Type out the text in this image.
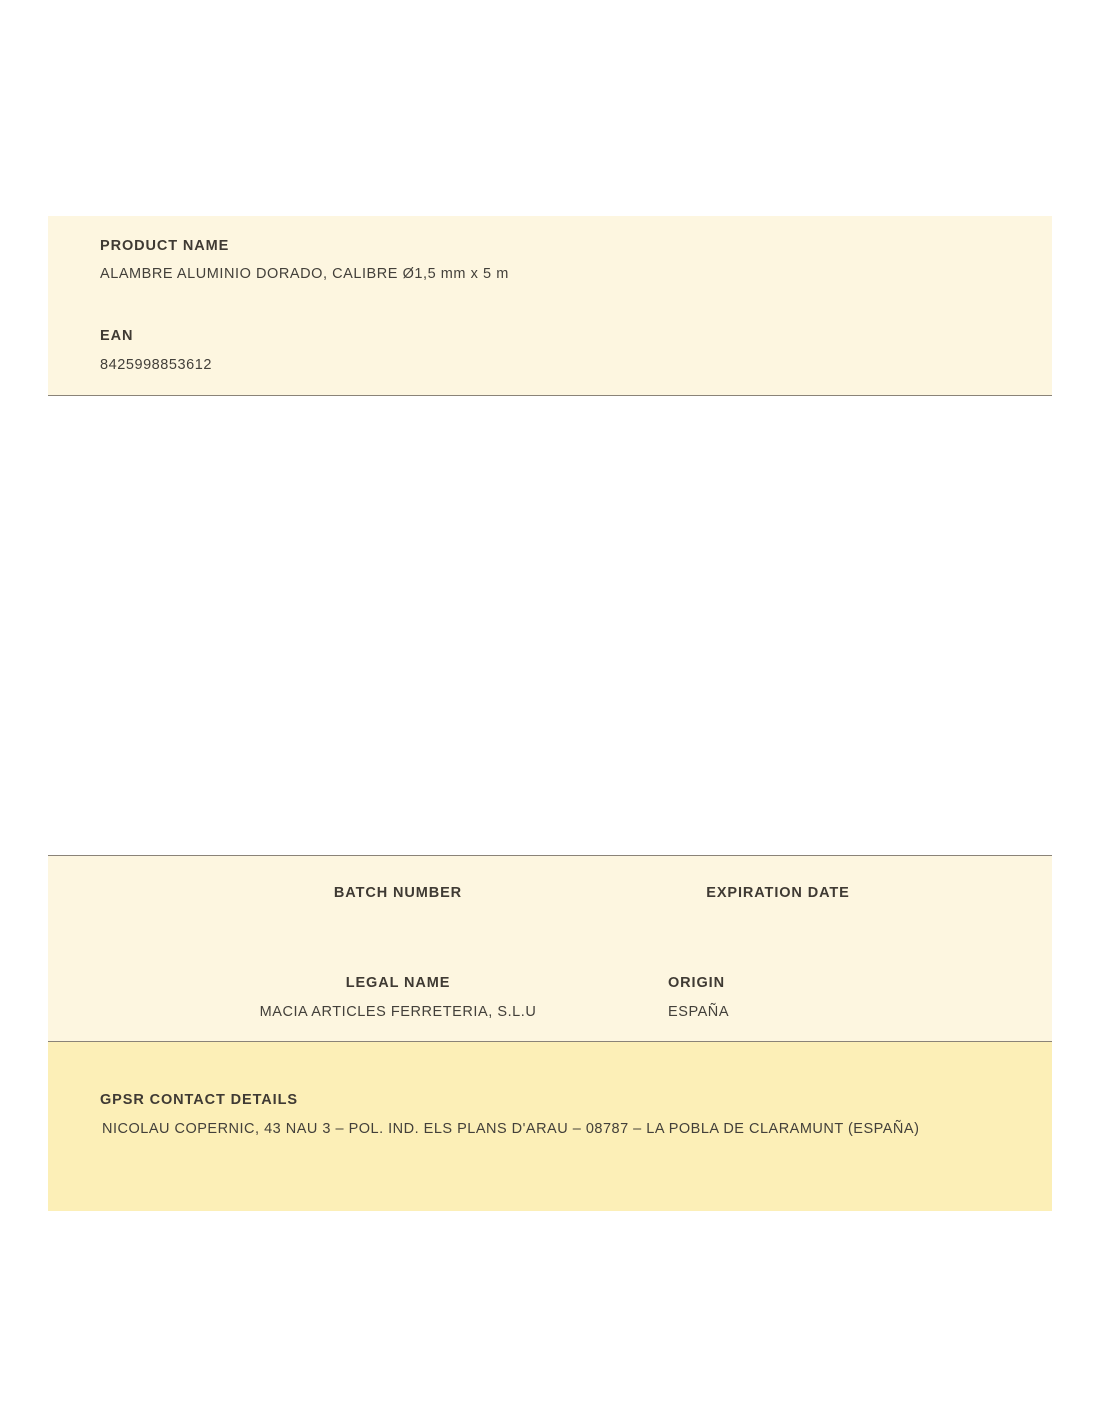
PRODUCT NAME
ALAMBRE ALUMINIO DORADO, CALIBRE Ø1,5 mm x 5 m
EAN
8425998853612
BATCH NUMBER	EXPIRATION DATE
LEGAL NAME
MACIA ARTICLES FERRETERIA, S.L.U
ORIGIN
ESPAÑA
GPSR CONTACT DETAILS
NICOLAU COPERNIC, 43 NAU 3 – POL. IND. ELS PLANS D'ARAU – 08787 – LA POBLA DE CLARAMUNT (ESPAÑA)
